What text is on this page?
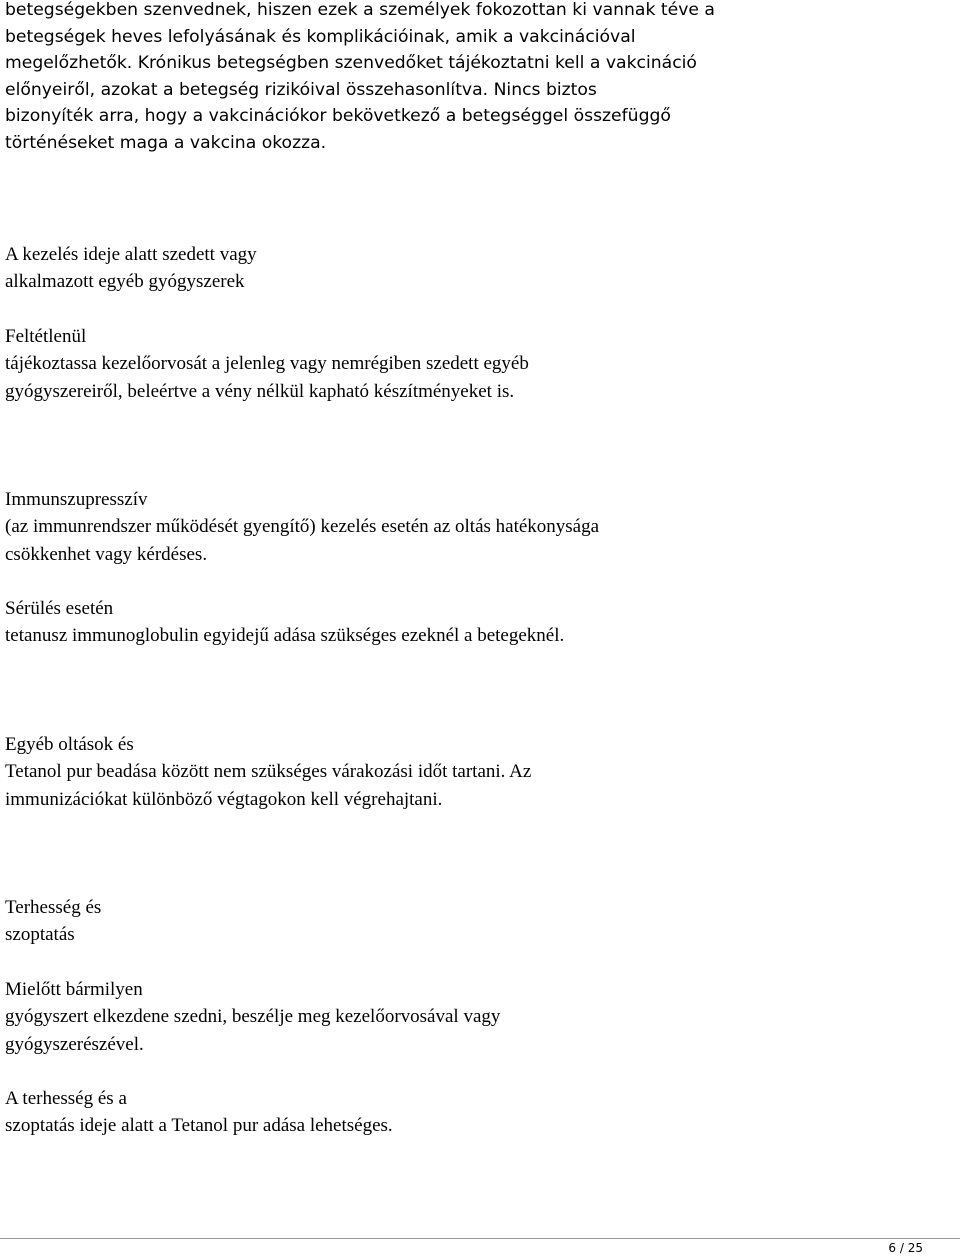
betegségekben szenvednek, hiszen ezek a személyek fokozottan ki vannak téve a
betegségek heves lefolyásának és komplikációinak, amik a vakcinációval
megelőzhetők. Krónikus betegségben szenvedőket tájékoztatni kell a vakcináció
előnyeiről, azokat a betegség rizikóival összehasonlítva. Nincs biztos
bizonyíték arra, hogy a vakcinációkor bekövetkező a betegséggel összefüggő
történéseket maga a vakcina okozza.
A kezelés ideje alatt szedett vagy
alkalmazott egyéb gyógyszerek
Feltétlenül
tájékoztassa kezelőorvosát a jelenleg vagy nemrégiben szedett egyéb
gyógyszereiről, beleértve a vény nélkül kapható készítményeket is.
Immunszupresszív
(az immunrendszer működését gyengítő) kezelés esetén az oltás hatékonysága
csökkenhet vagy kérdéses.
Sérülés esetén
tetanusz immunoglobulin egyidejű adása szükséges ezeknél a betegeknél.
Egyéb oltások és
Tetanol pur beadása között nem szükséges várakozási időt tartani. Az
immunizációkat különböző végtagokon kell végrehajtani.
Terhesség és
szoptatás
Mielőtt bármilyen
gyógyszert elkezdene szedni, beszélje meg kezelőorvosával vagy
gyógyszerészével.
A terhesség és a
szoptatás ideje alatt a Tetanol pur adása lehetséges.
6 / 25
